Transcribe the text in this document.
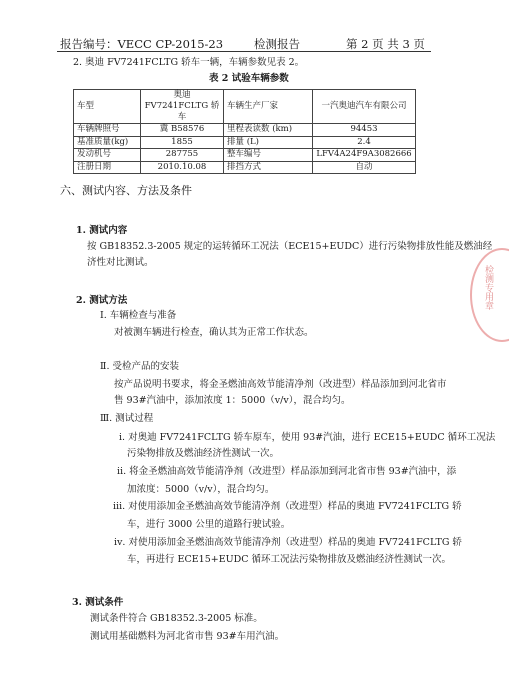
报告编号：VECC CP-2015-23	检测报告	第 2 页 共 3 页
2. 奥迪 FV7241FCLTG 轿车一辆，车辆参数见表 2。
表 2 试验车辆参数
车型	奥迪 FV7241FCLTG 轿车	车辆生产厂家	一汽奥迪汽车有限公司
车辆牌照号	冀 B58576	里程表读数 (km)	94453
基准质量(kg)	1855	排量 (L)	2.4
发动机号	287755	整车编号	LFV4A24F9A3082666
注册日期	2010.10.08	排挡方式	自动
六、测试内容、方法及条件
1. 测试内容
按 GB18352.3-2005 规定的运转循环工况法（ECE15+EUDC）进行污染物排放性能及燃油经
济性对比测试。
2. 测试方法
Ⅰ. 车辆检查与准备
对被测车辆进行检查，确认其为正常工作状态。
Ⅱ. 受检产品的安装
按产品说明书要求，将金圣燃油高效节能清净剂（改进型）样品添加到河北省市
售 93#汽油中，添加浓度 1：5000（v/v），混合均匀。
Ⅲ. 测试过程
ⅰ. 对奥迪 FV7241FCLTG 轿车原车，使用 93#汽油，进行 ECE15+EUDC 循环工况法
污染物排放及燃油经济性测试一次。
ⅱ. 将金圣燃油高效节能清净剂（改进型）样品添加到河北省市售 93#汽油中，添
加浓度：5000（v/v），混合均匀。
ⅲ. 对使用添加金圣燃油高效节能清净剂（改进型）样品的奥迪 FV7241FCLTG 轿
车，进行 3000 公里的道路行驶试验。
ⅳ. 对使用添加金圣燃油高效节能清净剂（改进型）样品的奥迪 FV7241FCLTG 轿
车，再进行 ECE15+EUDC 循环工况法污染物排放及燃油经济性测试一次。
3. 测试条件
测试条件符合 GB18352.3-2005 标准。
测试用基础燃料为河北省市售 93#车用汽油。
检测专用章
